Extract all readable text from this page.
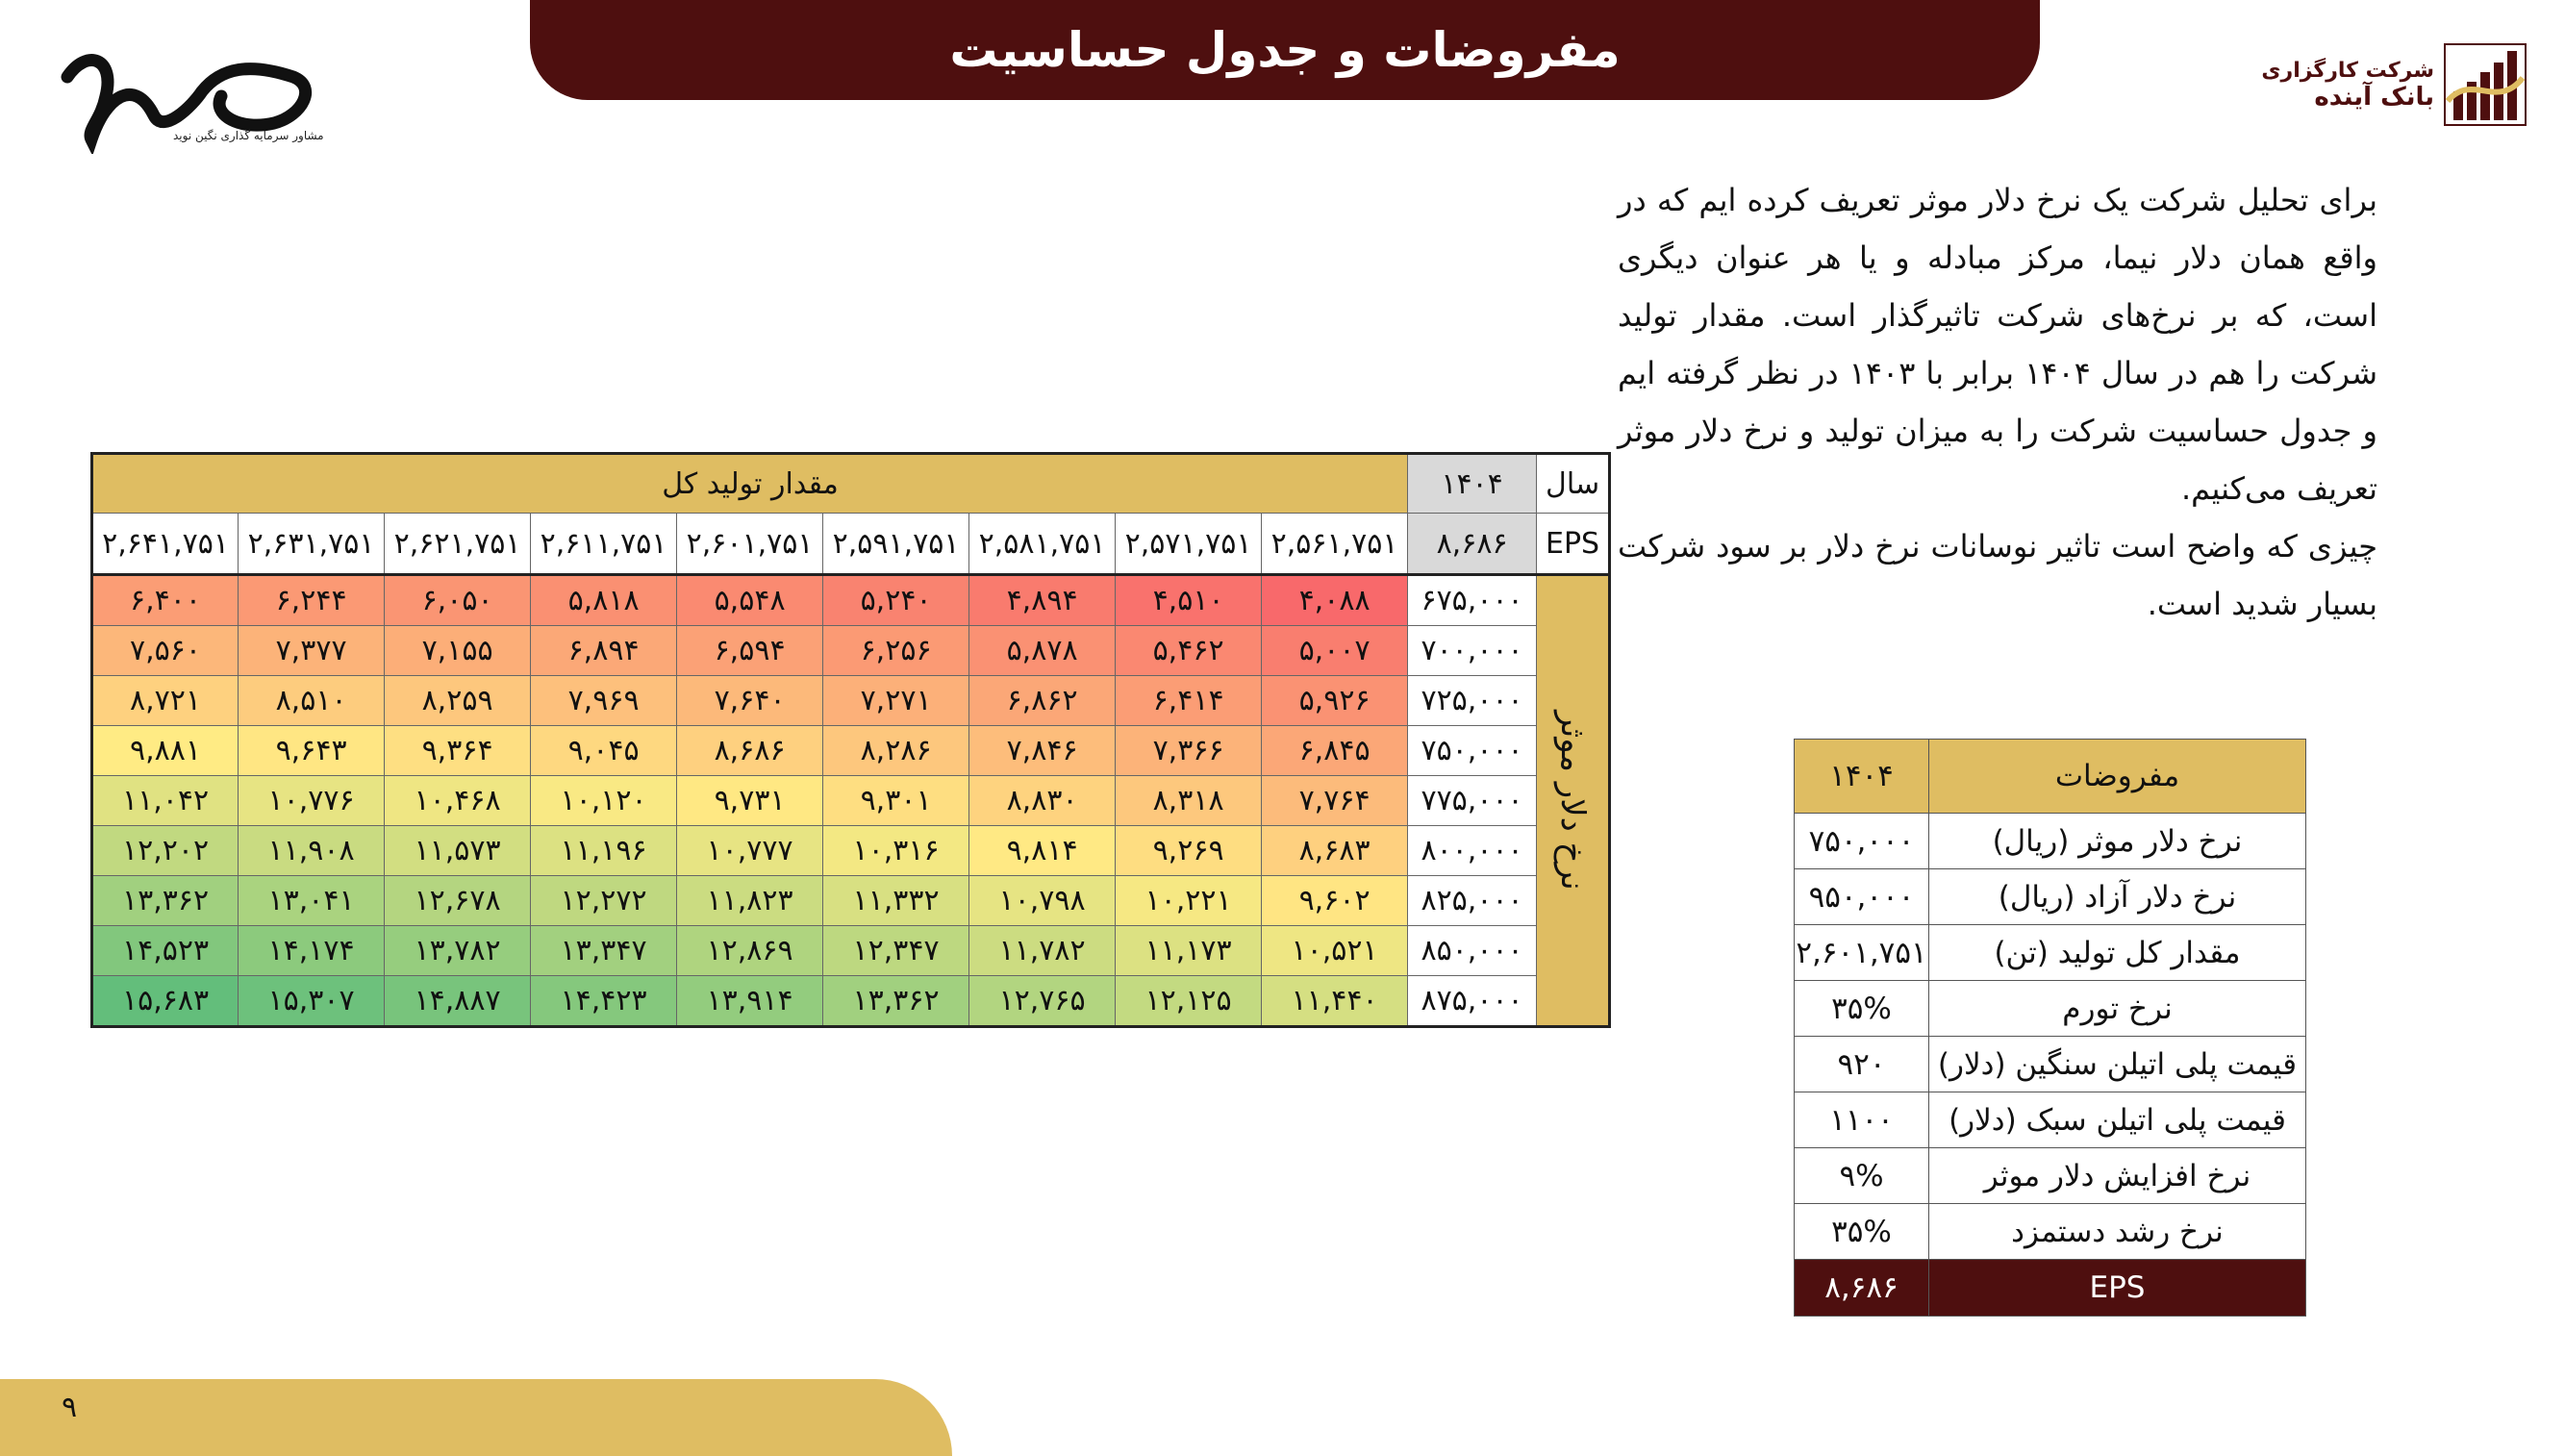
مفروضات و جدول حساسیت
مشاور سرمایه گذاری نگین نوید
شرکت کارگزاری
بانک آینده

برای تحلیل شرکت یک نرخ دلار موثر تعریف کرده ایم که در واقع همان دلار نیما، مرکز مبادله و یا هر عنوان دیگری است، که بر نرخ‌های شرکت تاثیرگذار است. مقدار تولید شرکت را هم در سال ۱۴۰۴ برابر با ۱۴۰۳ در نظر گرفته ایم و جدول حساسیت شرکت را به میزان تولید و نرخ دلار موثر تعریف می‌کنیم.

چیزی که واضح است تاثیر نوسانات نرخ دلار بر سود شرکت بسیار شدید است.

سال	۱۴۰۴	مقدار تولید کل								
EPS	۸,۶۸۶	۲,۵۶۱,۷۵۱	۲,۵۷۱,۷۵۱	۲,۵۸۱,۷۵۱	۲,۵۹۱,۷۵۱	۲,۶۰۱,۷۵۱	۲,۶۱۱,۷۵۱	۲,۶۲۱,۷۵۱	۲,۶۳۱,۷۵۱	۲,۶۴۱,۷۵۱

نرخ دلار موثر	۶۷۵,۰۰۰	۴,۰۸۸	۴,۵۱۰	۴,۸۹۴	۵,۲۴۰	۵,۵۴۸	۵,۸۱۸	۶,۰۵۰	۶,۲۴۴	۶,۴۰۰
	۷۰۰,۰۰۰	۵,۰۰۷	۵,۴۶۲	۵,۸۷۸	۶,۲۵۶	۶,۵۹۴	۶,۸۹۴	۷,۱۵۵	۷,۳۷۷	۷,۵۶۰
	۷۲۵,۰۰۰	۵,۹۲۶	۶,۴۱۴	۶,۸۶۲	۷,۲۷۱	۷,۶۴۰	۷,۹۶۹	۸,۲۵۹	۸,۵۱۰	۸,۷۲۱
	۷۵۰,۰۰۰	۶,۸۴۵	۷,۳۶۶	۷,۸۴۶	۸,۲۸۶	۸,۶۸۶	۹,۰۴۵	۹,۳۶۴	۹,۶۴۳	۹,۸۸۱
	۷۷۵,۰۰۰	۷,۷۶۴	۸,۳۱۸	۸,۸۳۰	۹,۳۰۱	۹,۷۳۱	۱۰,۱۲۰	۱۰,۴۶۸	۱۰,۷۷۶	۱۱,۰۴۲
	۸۰۰,۰۰۰	۸,۶۸۳	۹,۲۶۹	۹,۸۱۴	۱۰,۳۱۶	۱۰,۷۷۷	۱۱,۱۹۶	۱۱,۵۷۳	۱۱,۹۰۸	۱۲,۲۰۲
	۸۲۵,۰۰۰	۹,۶۰۲	۱۰,۲۲۱	۱۰,۷۹۸	۱۱,۳۳۲	۱۱,۸۲۳	۱۲,۲۷۲	۱۲,۶۷۸	۱۳,۰۴۱	۱۳,۳۶۲
	۸۵۰,۰۰۰	۱۰,۵۲۱	۱۱,۱۷۳	۱۱,۷۸۲	۱۲,۳۴۷	۱۲,۸۶۹	۱۳,۳۴۷	۱۳,۷۸۲	۱۴,۱۷۴	۱۴,۵۲۳
	۸۷۵,۰۰۰	۱۱,۴۴۰	۱۲,۱۲۵	۱۲,۷۶۵	۱۳,۳۶۲	۱۳,۹۱۴	۱۴,۴۲۳	۱۴,۸۸۷	۱۵,۳۰۷	۱۵,۶۸۳
مفروضات	۱۴۰۴
نرخ دلار موثر (ریال)	۷۵۰,۰۰۰
نرخ دلار آزاد (ریال)	۹۵۰,۰۰۰
مقدار کل تولید (تن)	۲,۶۰۱,۷۵۱
نرخ تورم	۳۵%
قیمت پلی اتیلن سنگین (دلار)	۹۲۰
قیمت پلی اتیلن سبک (دلار)	۱۱۰۰
نرخ افزایش دلار موثر	۹%
نرخ رشد دستمزد	۳۵%
EPS	۸,۶۸۶
۹
